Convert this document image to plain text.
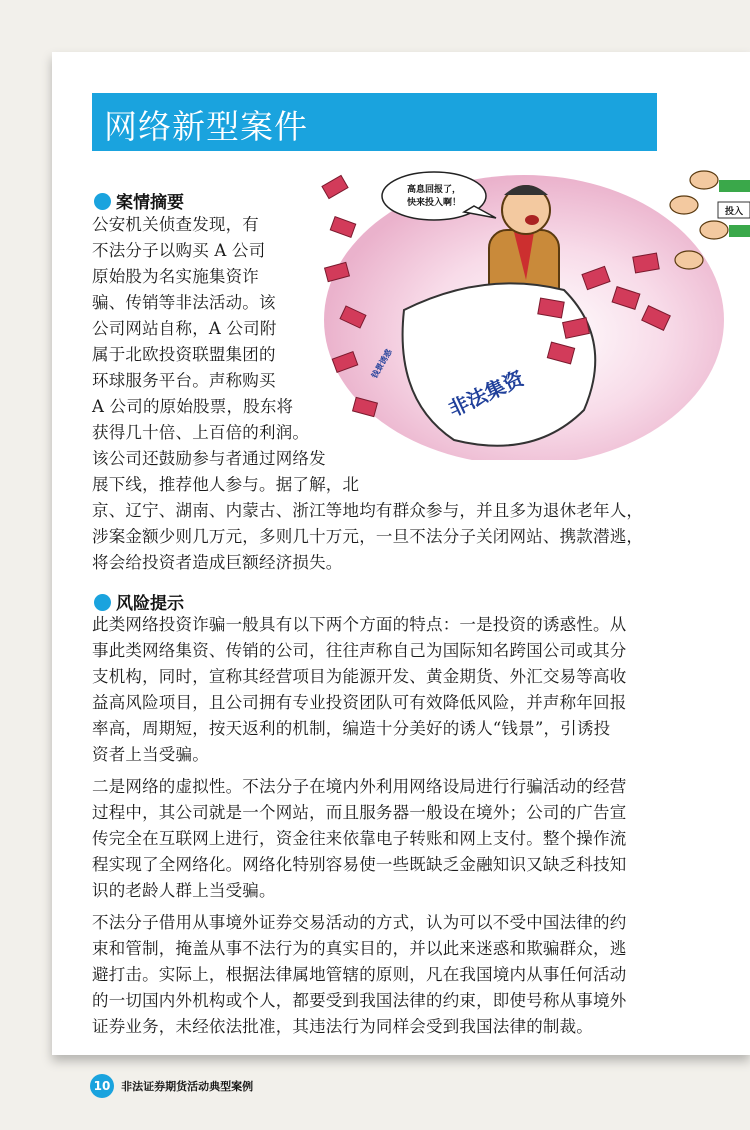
网络新型案件
高息回报了，
快来投入啊！
非法集资
钱景诱惑
投入
案情摘要
公安机关侦查发现，有
不法分子以购买 A 公司
原始股为名实施集资诈
骗、传销等非法活动。该
公司网站自称，A 公司附
属于北欧投资联盟集团的
环球服务平台。声称购买
A 公司的原始股票，股东将
获得几十倍、上百倍的利润。
该公司还鼓励参与者通过网络发
展下线，推荐他人参与。据了解，北
京、辽宁、湖南、内蒙古、浙江等地均有群众参与，并且多为退休老年人，
涉案金额少则几万元，多则几十万元，一旦不法分子关闭网站、携款潜逃，
将会给投资者造成巨额经济损失。
风险提示
此类网络投资诈骗一般具有以下两个方面的特点：一是投资的诱惑性。从
事此类网络集资、传销的公司，往往声称自己为国际知名跨国公司或其分
支机构，同时，宣称其经营项目为能源开发、黄金期货、外汇交易等高收
益高风险项目，且公司拥有专业投资团队可有效降低风险，并声称年回报
率高，周期短，按天返利的机制，编造十分美好的诱人“钱景”，引诱投
资者上当受骗。
二是网络的虚拟性。不法分子在境内外利用网络设局进行行骗活动的经营
过程中，其公司就是一个网站，而且服务器一般设在境外；公司的广告宣
传完全在互联网上进行，资金往来依靠电子转账和网上支付。整个操作流
程实现了全网络化。网络化特别容易使一些既缺乏金融知识又缺乏科技知
识的老龄人群上当受骗。
不法分子借用从事境外证券交易活动的方式，认为可以不受中国法律的约
束和管制，掩盖从事不法行为的真实目的，并以此来迷惑和欺骗群众，逃
避打击。实际上，根据法律属地管辖的原则，凡在我国境内从事任何活动
的一切国内外机构或个人，都要受到我国法律的约束，即使号称从事境外
证券业务，未经依法批准，其违法行为同样会受到我国法律的制裁。
10 非法证券期货活动典型案例
